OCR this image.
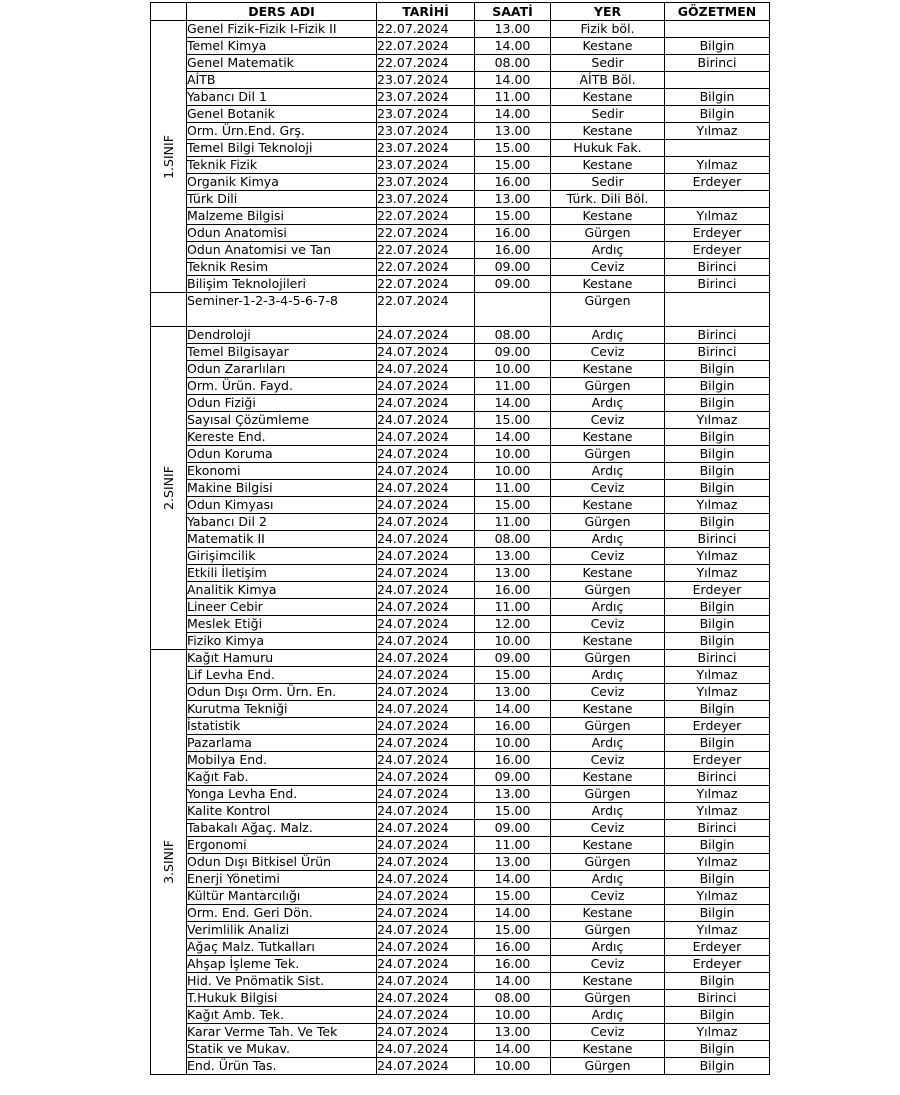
	DERS ADI	TARİHİ	SAATİ	YER	GÖZETMEN

1.SINIF	Genel Fizik-Fizik I-Fizik II	22.07.2024	13.00	Fizik böl.	
	Temel Kimya	22.07.2024	14.00	Kestane	Bilgin
	Genel Matematik	22.07.2024	08.00	Sedir	Birinci
	AİTB	23.07.2024	14.00	AİTB Böl.	
	Yabancı Dil 1	23.07.2024	11.00	Kestane	Bilgin
	Genel Botanik	23.07.2024	14.00	Sedir	Bilgin
	Orm. Ürn.End. Grş.	23.07.2024	13.00	Kestane	Yılmaz
	Temel Bilgi Teknoloji	23.07.2024	15.00	Hukuk Fak.	
	Teknik Fizik	23.07.2024	15.00	Kestane	Yılmaz
	Organik Kimya	23.07.2024	16.00	Sedir	Erdeyer
	Türk Dili	23.07.2024	13.00	Türk. Dili Böl.	
	Malzeme Bilgisi	22.07.2024	15.00	Kestane	Yılmaz
	Odun Anatomisi	22.07.2024	16.00	Gürgen	Erdeyer
	Odun Anatomisi ve Tan	22.07.2024	16.00	Ardıç	Erdeyer
	Teknik Resim	22.07.2024	09.00	Ceviz	Birinci
	Bilişim Teknolojileri	22.07.2024	09.00	Kestane	Birinci

	Seminer-1-2-3-4-5-6-7-8	22.07.2024		Gürgen	

2.SINIF	Dendroloji	24.07.2024	08.00	Ardıç	Birinci
	Temel Bilgisayar	24.07.2024	09.00	Ceviz	Birinci
	Odun Zararlıları	24.07.2024	10.00	Kestane	Bilgin
	Orm. Ürün. Fayd.	24.07.2024	11.00	Gürgen	Bilgin
	Odun Fiziği	24.07.2024	14.00	Ardıç	Bilgin
	Sayısal Çözümleme	24.07.2024	15.00	Ceviz	Yılmaz
	Kereste End.	24.07.2024	14.00	Kestane	Bilgin
	Odun Koruma	24.07.2024	10.00	Gürgen	Bilgin
	Ekonomi	24.07.2024	10.00	Ardıç	Bilgin
	Makine Bilgisi	24.07.2024	11.00	Ceviz	Bilgin
	Odun Kimyası	24.07.2024	15.00	Kestane	Yılmaz
	Yabancı Dil 2	24.07.2024	11.00	Gürgen	Bilgin
	Matematik II	24.07.2024	08.00	Ardıç	Birinci
	Girişimcilik	24.07.2024	13.00	Ceviz	Yılmaz
	Etkili İletişim	24.07.2024	13.00	Kestane	Yılmaz
	Analitik Kimya	24.07.2024	16.00	Gürgen	Erdeyer
	Lineer Cebir	24.07.2024	11.00	Ardıç	Bilgin
	Meslek Etiği	24.07.2024	12.00	Ceviz	Bilgin
	Fiziko Kimya	24.07.2024	10.00	Kestane	Bilgin

3.SINIF	Kağıt Hamuru	24.07.2024	09.00	Gürgen	Birinci
	Lif Levha End.	24.07.2024	15.00	Ardıç	Yılmaz
	Odun Dışı Orm. Ürn. En.	24.07.2024	13.00	Ceviz	Yılmaz
	Kurutma Tekniği	24.07.2024	14.00	Kestane	Bilgin
	İstatistik	24.07.2024	16.00	Gürgen	Erdeyer
	Pazarlama	24.07.2024	10.00	Ardıç	Bilgin
	Mobilya End.	24.07.2024	16.00	Ceviz	Erdeyer
	Kağıt Fab.	24.07.2024	09.00	Kestane	Birinci
	Yonga Levha End.	24.07.2024	13.00	Gürgen	Yılmaz
	Kalite Kontrol	24.07.2024	15.00	Ardıç	Yılmaz
	Tabakalı Ağaç. Malz.	24.07.2024	09.00	Ceviz	Birinci
	Ergonomi	24.07.2024	11.00	Kestane	Bilgin
	Odun Dışı Bitkisel Ürün	24.07.2024	13.00	Gürgen	Yılmaz
	Enerji Yönetimi	24.07.2024	14.00	Ardıç	Bilgin
	Kültür Mantarcılığı	24.07.2024	15.00	Ceviz	Yılmaz
	Orm. End. Geri Dön.	24.07.2024	14.00	Kestane	Bilgin
	Verimlilik Analizi	24.07.2024	15.00	Gürgen	Yılmaz
	Ağaç Malz. Tutkalları	24.07.2024	16.00	Ardıç	Erdeyer
	Ahşap İşleme Tek.	24.07.2024	16.00	Ceviz	Erdeyer
	Hid. Ve Pnömatik Sist.	24.07.2024	14.00	Kestane	Bilgin
	T.Hukuk Bilgisi	24.07.2024	08.00	Gürgen	Birinci
	Kağıt Amb. Tek.	24.07.2024	10.00	Ardıç	Bilgin
	Karar Verme Tah. Ve Tek	24.07.2024	13.00	Ceviz	Yılmaz
	Statik ve Mukav.	24.07.2024	14.00	Kestane	Bilgin
	End. Ürün Tas.	24.07.2024	10.00	Gürgen	Bilgin
